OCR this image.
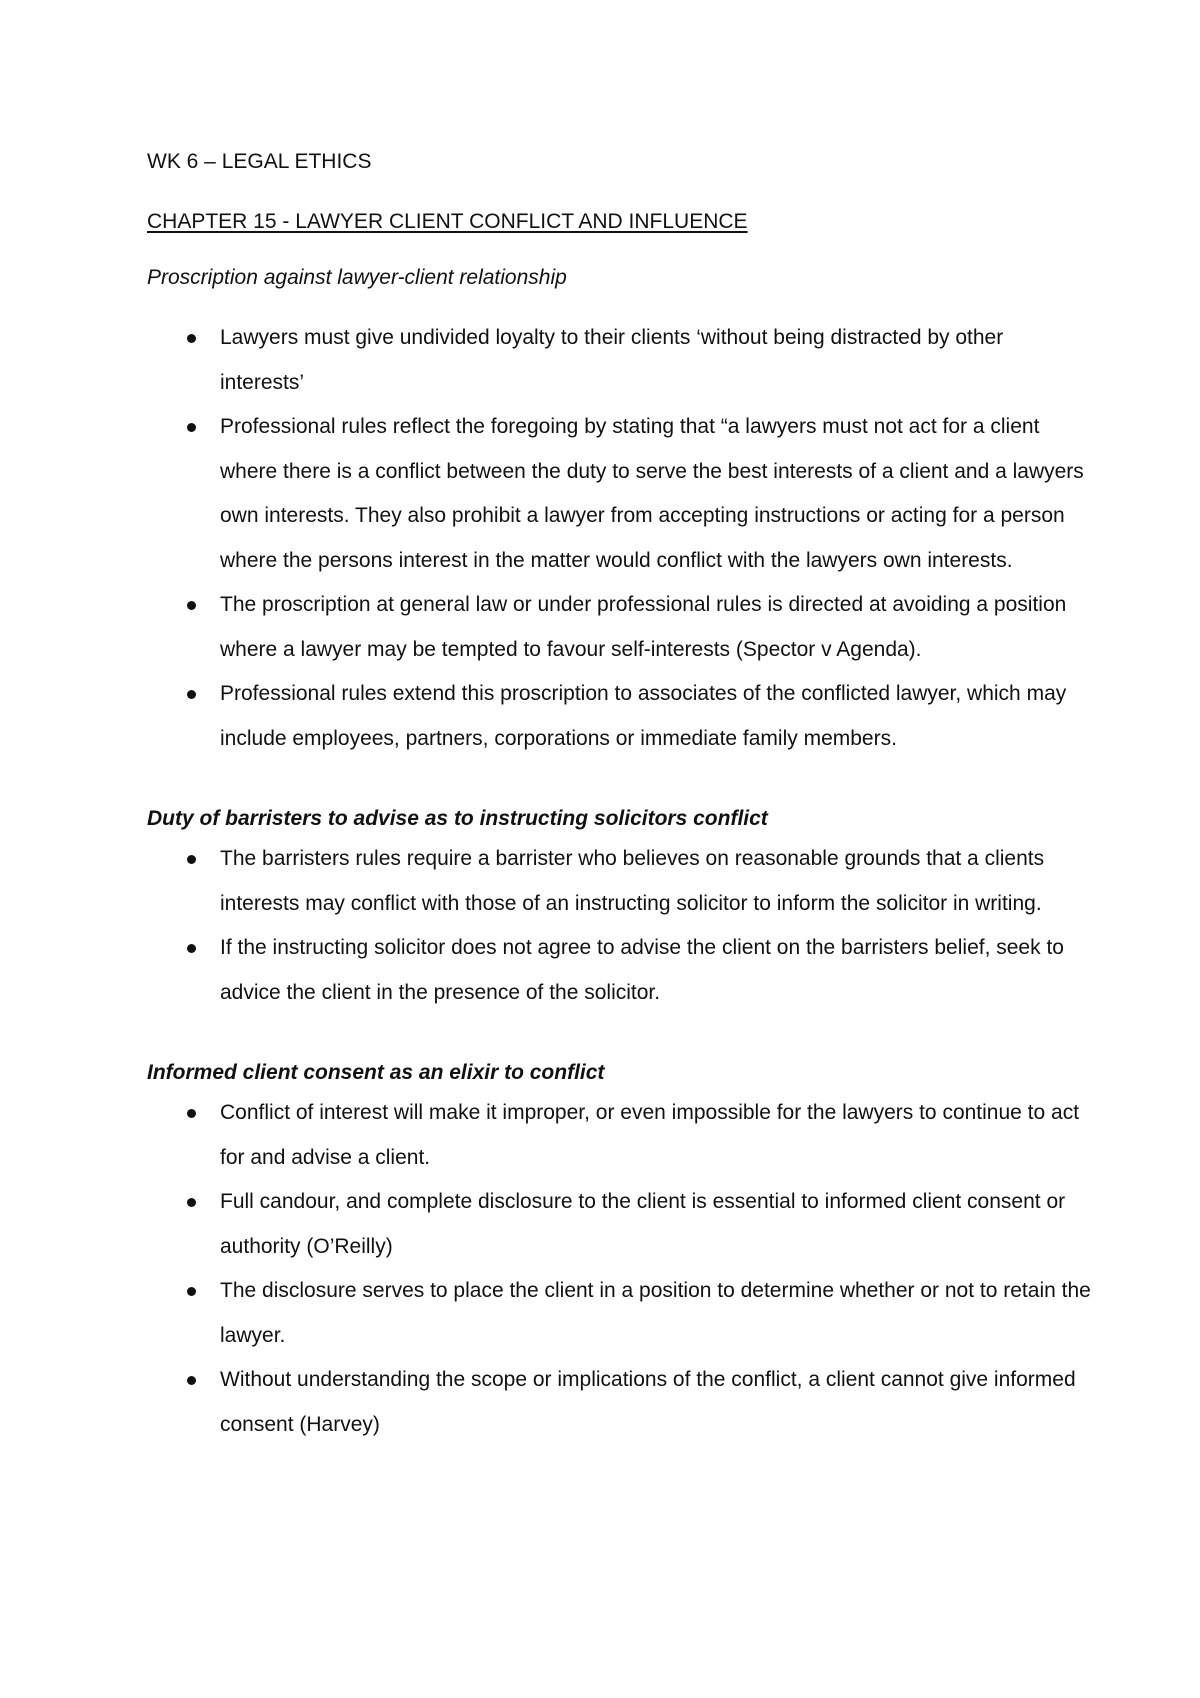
WK 6 – LEGAL ETHICS
CHAPTER 15 - LAWYER CLIENT CONFLICT AND INFLUENCE
Proscription against lawyer-client relationship
Lawyers must give undivided loyalty to their clients ‘without being distracted by other interests’
Professional rules reflect the foregoing by stating that “a lawyers must not act for a client where there is a conflict between the duty to serve the best interests of a client and a lawyers own interests. They also prohibit a lawyer from accepting instructions or acting for a person where the persons interest in the matter would conflict with the lawyers own interests.
The proscription at general law or under professional rules is directed at avoiding a position where a lawyer may be tempted to favour self-interests (Spector v Agenda).
Professional rules extend this proscription to associates of the conflicted lawyer, which may include employees, partners, corporations or immediate family members.
Duty of barristers to advise as to instructing solicitors conflict
The barristers rules require a barrister who believes on reasonable grounds that a clients interests may conflict with those of an instructing solicitor to inform the solicitor in writing.
If the instructing solicitor does not agree to advise the client on the barristers belief, seek to advice the client in the presence of the solicitor.
Informed client consent as an elixir to conflict
Conflict of interest will make it improper, or even impossible for the lawyers to continue to act for and advise a client.
Full candour, and complete disclosure to the client is essential to informed client consent or authority (O’Reilly)
The disclosure serves to place the client in a position to determine whether or not to retain the lawyer.
Without understanding the scope or implications of the conflict, a client cannot give informed consent (Harvey)
